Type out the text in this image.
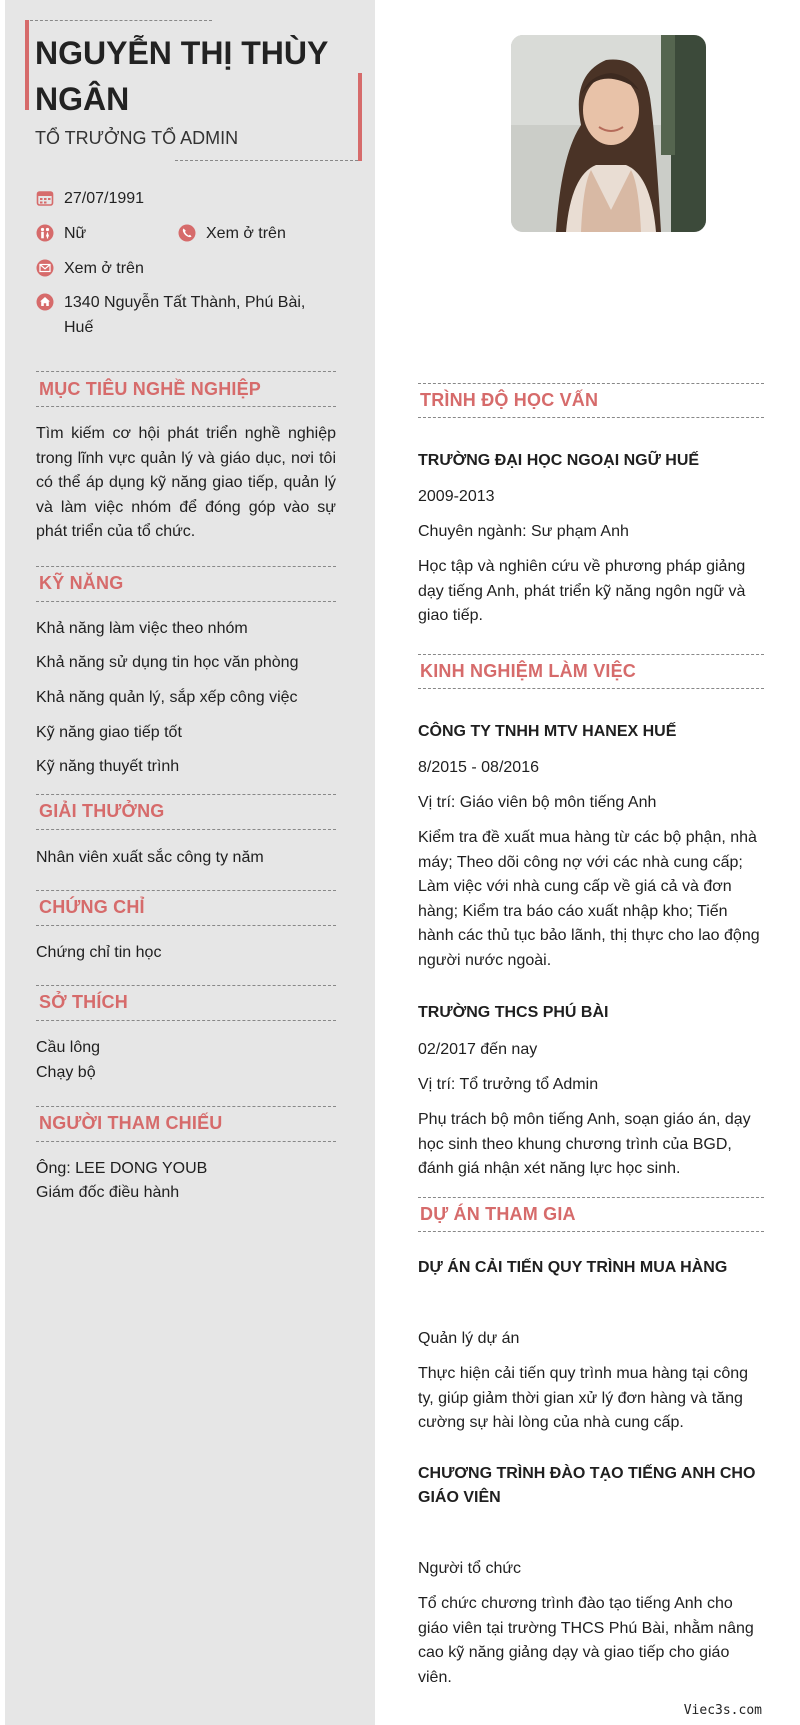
NGUYỄN THỊ THÙY NGÂN
TỔ TRƯỞNG TỔ ADMIN
27/07/1991
Nữ	Xem ở trên
Xem ở trên
1340 Nguyễn Tất Thành, Phú Bài, Huế
MỤC TIÊU NGHỀ NGHIỆP
Tìm kiếm cơ hội phát triển nghề nghiệp trong lĩnh vực quản lý và giáo dục, nơi tôi có thể áp dụng kỹ năng giao tiếp, quản lý và làm việc nhóm để đóng góp vào sự phát triển của tổ chức.
KỸ NĂNG
Khả năng làm việc theo nhóm
Khả năng sử dụng tin học văn phòng
Khả năng quản lý, sắp xếp công việc
Kỹ năng giao tiếp tốt
Kỹ năng thuyết trình
GIẢI THƯỞNG
Nhân viên xuất sắc công ty năm
CHỨNG CHỈ
Chứng chỉ tin học
SỞ THÍCH
Cầu lông
Chạy bộ
NGƯỜI THAM CHIẾU
Ông: LEE DONG YOUB
Giám đốc điều hành
TRÌNH ĐỘ HỌC VẤN
TRƯỜNG ĐẠI HỌC NGOẠI NGỮ HUẾ
2009-2013
Chuyên ngành: Sư phạm Anh
Học tập và nghiên cứu về phương pháp giảng dạy tiếng Anh, phát triển kỹ năng ngôn ngữ và giao tiếp.
KINH NGHIỆM LÀM VIỆC
CÔNG TY TNHH MTV HANEX HUẾ
8/2015 - 08/2016
Vị trí: Giáo viên bộ môn tiếng Anh
Kiểm tra đề xuất mua hàng từ các bộ phận, nhà máy; Theo dõi công nợ với các nhà cung cấp; Làm việc với nhà cung cấp về giá cả và đơn hàng; Kiểm tra báo cáo xuất nhập kho; Tiến hành các thủ tục bảo lãnh, thị thực cho lao động người nước ngoài.
TRƯỜNG THCS PHÚ BÀI
02/2017 đến nay
Vị trí: Tổ trưởng tổ Admin
Phụ trách bộ môn tiếng Anh, soạn giáo án, dạy học sinh theo khung chương trình của BGD, đánh giá nhận xét năng lực học sinh.
DỰ ÁN THAM GIA
DỰ ÁN CẢI TIẾN QUY TRÌNH MUA HÀNG
Quản lý dự án
Thực hiện cải tiến quy trình mua hàng tại công ty, giúp giảm thời gian xử lý đơn hàng và tăng cường sự hài lòng của nhà cung cấp.
CHƯƠNG TRÌNH ĐÀO TẠO TIẾNG ANH CHO GIÁO VIÊN
Người tổ chức
Tổ chức chương trình đào tạo tiếng Anh cho giáo viên tại trường THCS Phú Bài, nhằm nâng cao kỹ năng giảng dạy và giao tiếp cho giáo viên.
Viec3s.com
